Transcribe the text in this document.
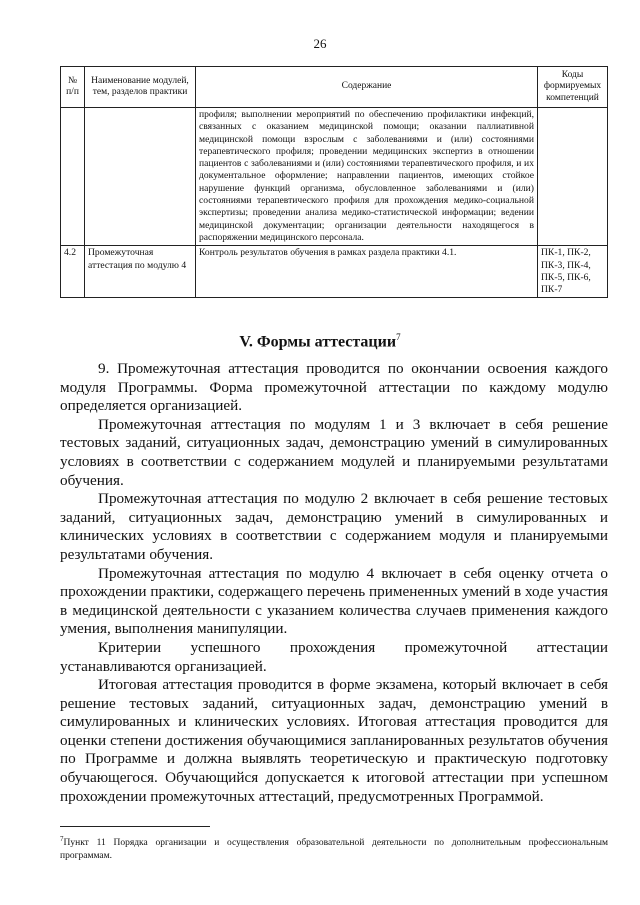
26
№ п/п	Наименование модулей, тем, разделов практики	Содержание	Коды формируемых компетенций
		профиля; выполнении мероприятий по обеспечению профилактики инфекций, связанных с оказанием медицинской помощи; оказании паллиативной медицинской помощи взрослым с заболеваниями и (или) состояниями терапевтического профиля; проведении медицинских экспертиз в отношении пациентов с заболеваниями и (или) состояниями терапевтического профиля, и их документальное оформление; направлении пациентов, имеющих стойкое нарушение функций организма, обусловленное заболеваниями и (или) состояниями терапевтического профиля для прохождения медико-социальной экспертизы; проведении анализа медико-статистической информации; ведении медицинской документации; организации деятельности находящегося в распоряжении медицинского персонала.	
4.2	Промежуточная аттестация по модулю 4	Контроль результатов обучения в рамках раздела практики 4.1.	ПК-1, ПК-2, ПК-3, ПК-4, ПК-5, ПК-6, ПК-7
V. Формы аттестации$^7$

9. Промежуточная аттестация проводится по окончании освоения каждого модуля Программы. Форма промежуточной аттестации по каждому модулю определяется организацией.

Промежуточная аттестация по модулям 1 и 3 включает в себя решение тестовых заданий, ситуационных задач, демонстрацию умений в симулированных условиях в соответствии с содержанием модулей и планируемыми результатами обучения.

Промежуточная аттестация по модулю 2 включает в себя решение тестовых заданий, ситуационных задач, демонстрацию умений в симулированных и клинических условиях в соответствии с содержанием модуля и планируемыми результатами обучения.

Промежуточная аттестация по модулю 4 включает в себя оценку отчета о прохождении практики, содержащего перечень примененных умений в ходе участия в медицинской деятельности с указанием количества случаев применения каждого умения, выполнения манипуляции.

Критерии успешного прохождения промежуточной аттестации устанавливаются организацией.

Итоговая аттестация проводится в форме экзамена, который включает в себя решение тестовых заданий, ситуационных задач, демонстрацию умений в симулированных и клинических условиях. Итоговая аттестация проводится для оценки степени достижения обучающимися запланированных результатов обучения по Программе и должна выявлять теоретическую и практическую подготовку обучающегося. Обучающийся допускается к итоговой аттестации при успешном прохождении промежуточных аттестаций, предусмотренных Программой.

$^7$Пункт 11 Порядка организации и осуществления образовательной деятельности по дополнительным профессиональным программам.
